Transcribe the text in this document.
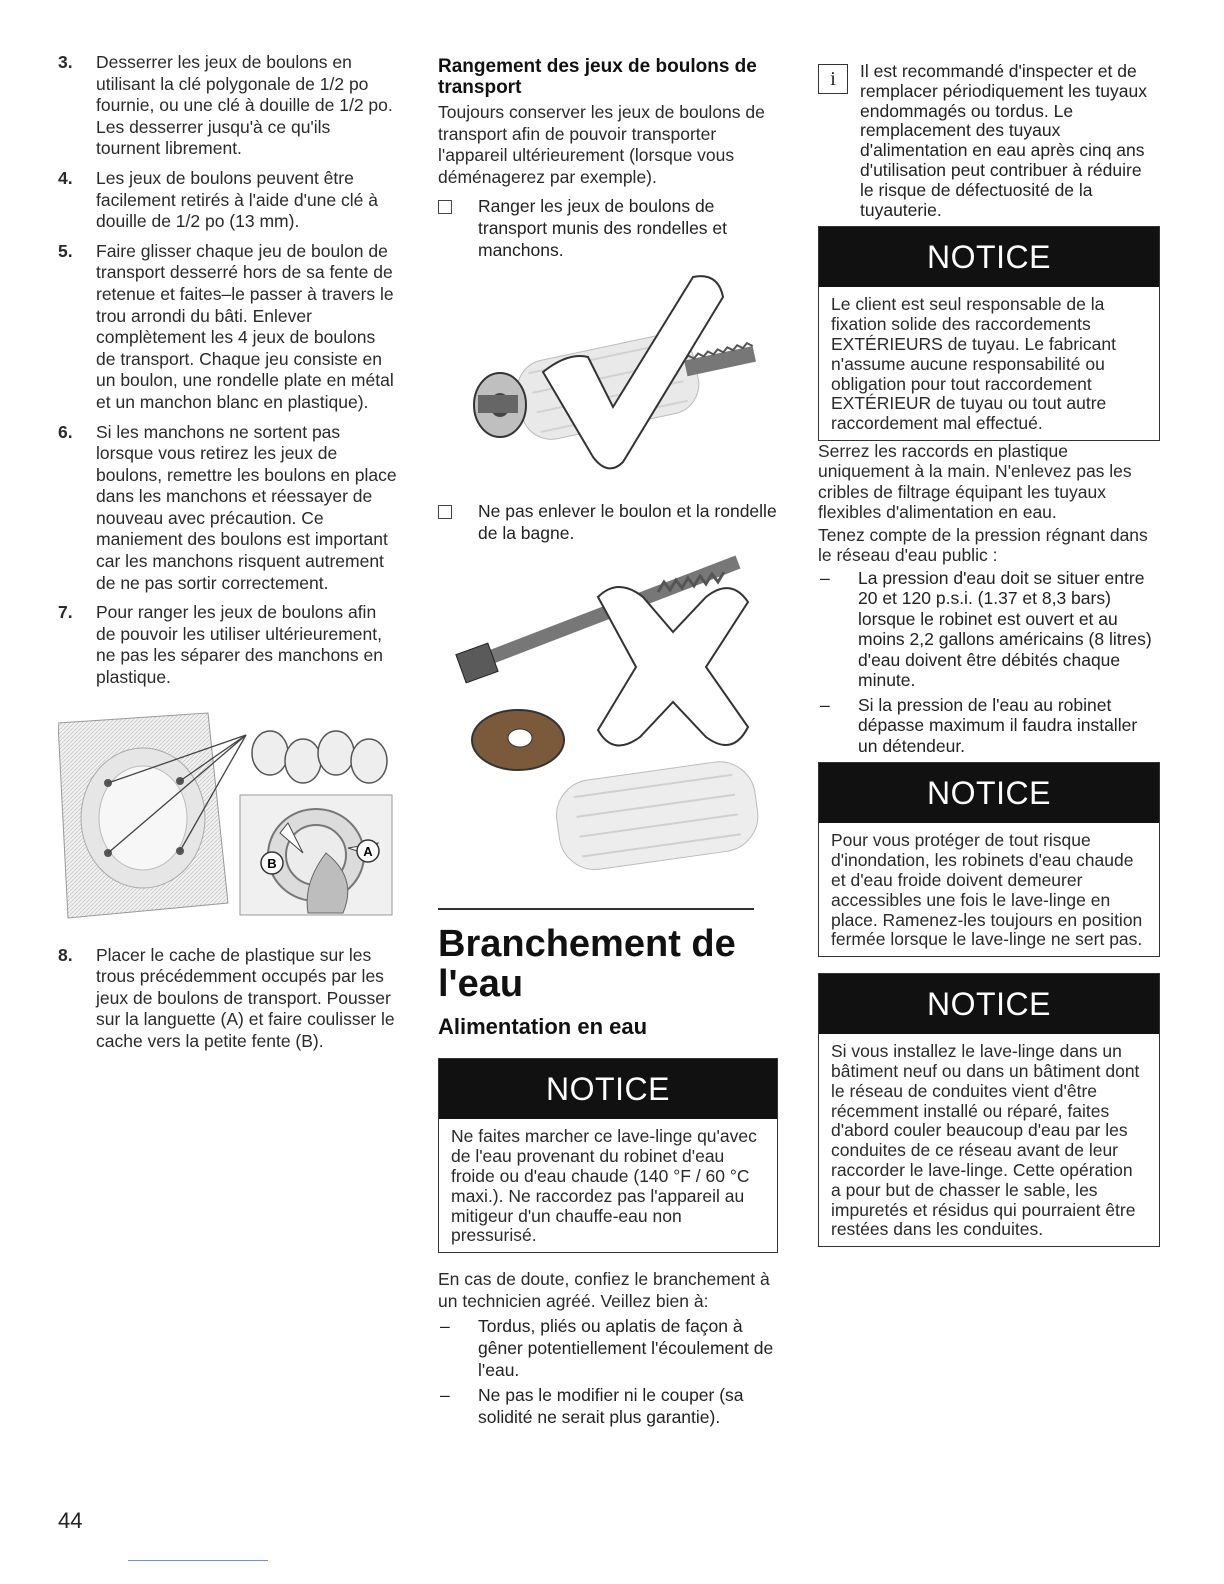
3. Desserrer les jeux de boulons en utilisant la clé polygonale de 1/2 po fournie, ou une clé à douille de 1/2 po. Les desserrer jusqu'à ce qu'ils tournent librement.
4. Les jeux de boulons peuvent être facilement retirés à l'aide d'une clé à douille de 1/2 po (13 mm).
5. Faire glisser chaque jeu de boulon de transport desserré hors de sa fente de retenue et faites–le passer à travers le trou arrondi du bâti. Enlever complètement les 4 jeux de boulons de transport. Chaque jeu consiste en un boulon, une rondelle plate en métal et un manchon blanc en plastique).
6. Si les manchons ne sortent pas lorsque vous retirez les jeux de boulons, remettre les boulons en place dans les manchons et réessayer de nouveau avec précaution. Ce maniement des boulons est important car les manchons risquent autrement de ne pas sortir correctement.
7. Pour ranger les jeux de boulons afin de pouvoir les utiliser ultérieurement, ne pas les séparer des manchons en plastique.
B
A
8. Placer le cache de plastique sur les trous précédemment occupés par les jeux de boulons de transport. Pousser sur la languette (A) et faire coulisser le cache vers la petite fente (B).
Rangement des jeux de boulons de transport

Toujours conserver les jeux de boulons de transport afin de pouvoir transporter l'appareil ultérieurement (lorsque vous déménagerez par exemple).

Ranger les jeux de boulons de transport munis des rondelles et manchons.
Ne pas enlever le boulon et la rondelle de la bagne.
Branchement de l'eau
Alimentation en eau
NOTICE
Ne faites marcher ce lave-linge qu'avec de l'eau provenant du robinet d'eau froide ou d'eau chaude (140 °F / 60 °C maxi.). Ne raccordez pas l'appareil au mitigeur d'un chauffe-eau non pressurisé.

En cas de doute, confiez le branchement à un technicien agréé. Veillez bien à:

– Tordus, pliés ou aplatis de façon à gêner potentiellement l'écoulement de l'eau.
– Ne pas le modifier ni le couper (sa solidité ne serait plus garantie).
i	Il est recommandé d'inspecter et de remplacer périodiquement les tuyaux endommagés ou tordus. Le remplacement des tuyaux d'alimentation en eau après cinq ans d'utilisation peut contribuer à réduire le risque de défectuosité de la tuyauterie.
NOTICE
Le client est seul responsable de la fixation solide des raccordements EXTÉRIEURS de tuyau. Le fabricant n'assume aucune responsabilité ou obligation pour tout raccordement EXTÉRIEUR de tuyau ou tout autre raccordement mal effectué.

Serrez les raccords en plastique uniquement à la main. N'enlevez pas les cribles de filtrage équipant les tuyaux flexibles d'alimentation en eau.

Tenez compte de la pression régnant dans le réseau d'eau public :

– La pression d'eau doit se situer entre 20 et 120 p.s.i. (1.37 et 8,3 bars) lorsque le robinet est ouvert et au moins 2,2 gallons américains (8 litres) d'eau doivent être débités chaque minute.
– Si la pression de l'eau au robinet dépasse maximum il faudra installer un détendeur.
NOTICE
Pour vous protéger de tout risque d'inondation, les robinets d'eau chaude et d'eau froide doivent demeurer accessibles une fois le lave-linge en place. Ramenez-les toujours en position fermée lorsque le lave-linge ne sert pas.
NOTICE
Si vous installez le lave-linge dans un bâtiment neuf ou dans un bâtiment dont le réseau de conduites vient d'être récemment installé ou réparé, faites d'abord couler beaucoup d'eau par les conduites de ce réseau avant de leur raccorder le lave-linge. Cette opération a pour but de chasser le sable, les impuretés et résidus qui pourraient être restées dans les conduites.
44
